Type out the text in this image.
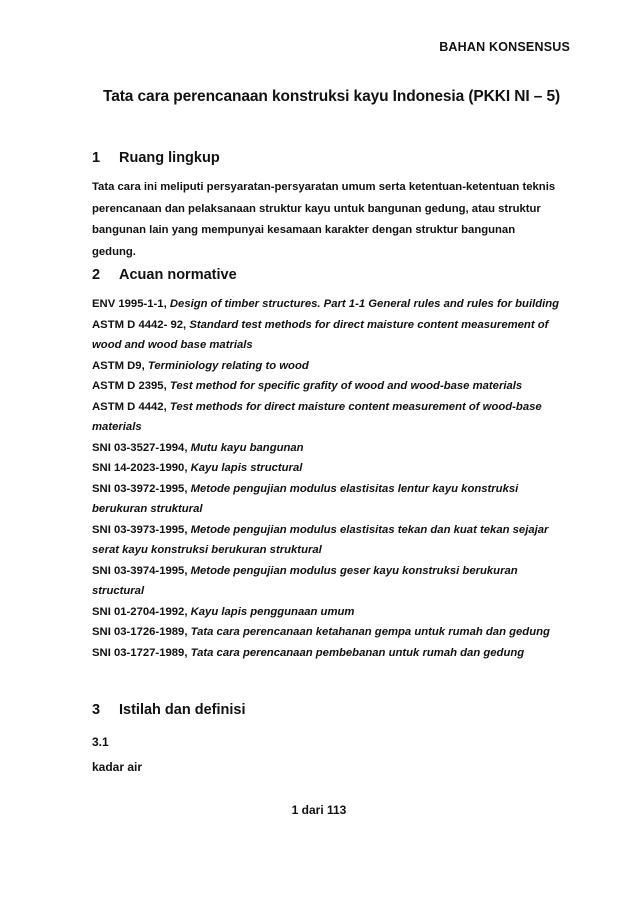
BAHAN KONSENSUS
Tata cara perencanaan konstruksi kayu Indonesia (PKKI NI – 5)
1 Ruang lingkup
Tata cara ini meliputi persyaratan-persyaratan umum serta ketentuan-ketentuan teknis
perencanaan dan pelaksanaan struktur kayu untuk bangunan gedung, atau struktur
bangunan lain yang mempunyai kesamaan karakter dengan struktur bangunan gedung.
2 Acuan normative
ENV 1995-1-1, Design of timber structures. Part 1-1 General rules and rules for building
ASTM D 4442- 92, Standard test methods for direct maisture content measurement of
wood and wood base matrials
ASTM D9, Terminiology relating to wood
ASTM D 2395, Test method for specific grafity of wood and wood-base materials
ASTM D 4442, Test methods for direct maisture content measurement of wood-base
materials
SNI 03-3527-1994, Mutu kayu bangunan
SNI 14-2023-1990, Kayu lapis structural
SNI 03-3972-1995, Metode pengujian modulus elastisitas lentur kayu konstruksi
berukuran struktural
SNI 03-3973-1995, Metode pengujian modulus elastisitas tekan dan kuat tekan sejajar
serat kayu konstruksi berukuran struktural
SNI 03-3974-1995, Metode pengujian modulus geser kayu konstruksi berukuran
structural
SNI 01-2704-1992, Kayu lapis penggunaan umum
SNI 03-1726-1989, Tata cara perencanaan ketahanan gempa untuk rumah dan gedung
SNI 03-1727-1989, Tata cara perencanaan pembebanan untuk rumah dan gedung
3 Istilah dan definisi
3.1
kadar air
1 dari 113
